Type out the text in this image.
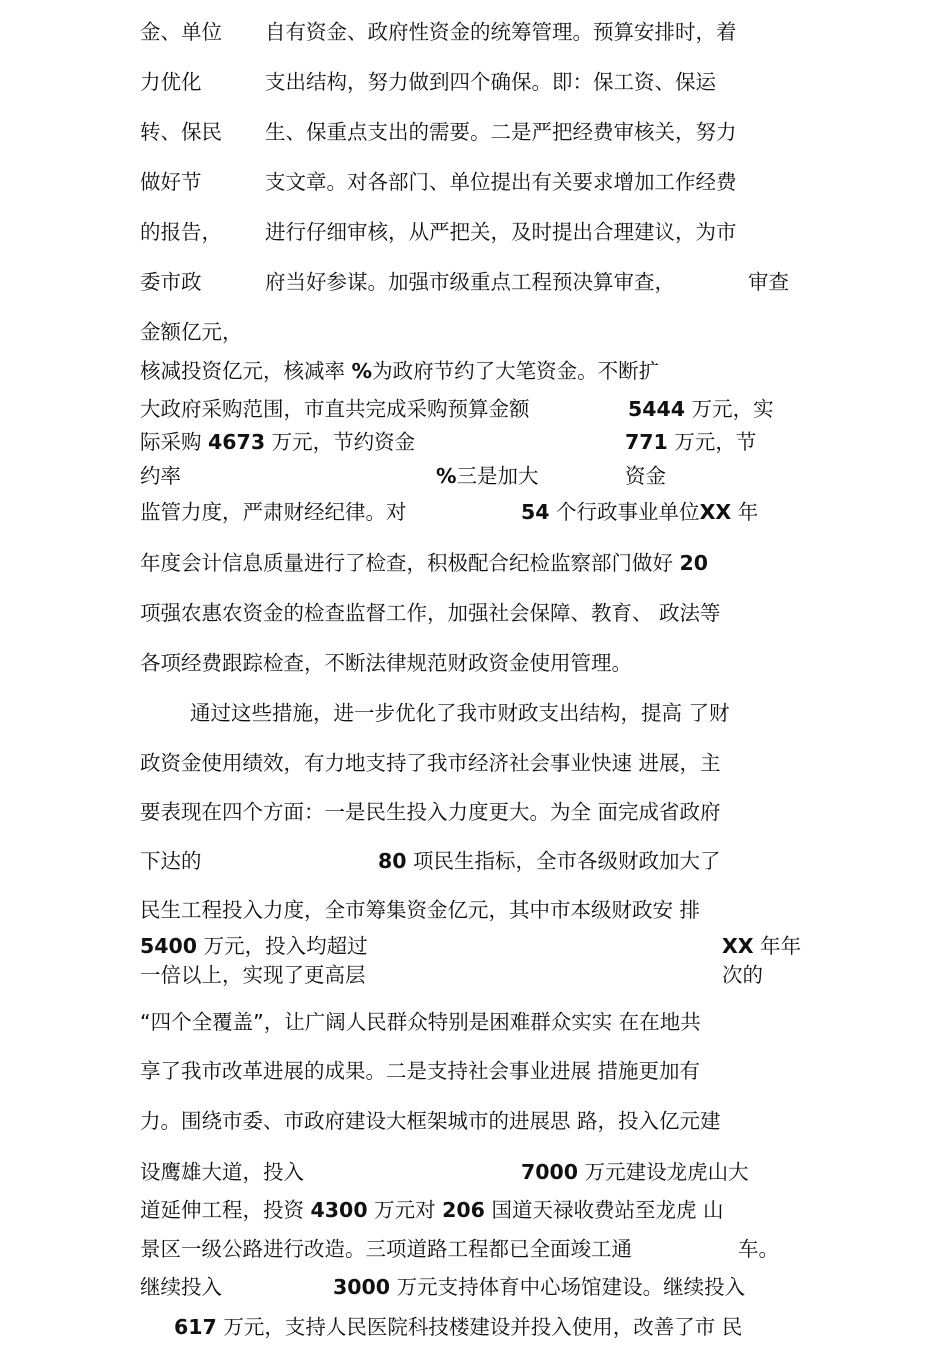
金、单位 自有资金、政府性资金的统筹管理。预算安排时，着
力优化	支出结构，努力做到四个确保。即：保工资、保运
转、保民 生、保重点支出的需要。二是严把经费审核关，努力
做好节	支文章。对各部门、单位提出有关要求增加工作经费
的报告， 进行仔细审核，从严把关，及时提出合理建议，为市
委市政	府当好参谋。加强市级重点工程预决算审查，	审查
金额亿元，
核减投资亿元，核减率 %为政府节约了大笔资金。不断扩
大政府采购范围，市直共完成采购预算金额	5444 万元，实
际采购 4673 万元，节约资金	771 万元，节
约率	%三是加大	资金
监管力度，严肃财经纪律。对	54 个行政事业单位XX 年
年度会计信息质量进行了检查，积极配合纪检监察部门做好 20
项强农惠农资金的检查监督工作，加强社会保障、教育、 政法等
各项经费跟踪检查，不断法律规范财政资金使用管理。
通过这些措施，进一步优化了我市财政支出结构，提高 了财
政资金使用绩效，有力地支持了我市经济社会事业快速 进展，主
要表现在四个方面：一是民生投入力度更大。为全 面完成省政府
下达的	80 项民生指标，全市各级财政加大了
民生工程投入力度，全市筹集资金亿元，其中市本级财政安 排
5400 万元，投入均超过	XX 年年
一倍以上，实现了更高层	次的
“四个全覆盖”，让广阔人民群众特别是困难群众实实 在在地共
享了我市改革进展的成果。二是支持社会事业进展 措施更加有
力。围绕市委、市政府建设大框架城市的进展思 路，投入亿元建
设鹰雄大道，投入	7000 万元建设龙虎山大
道延伸工程，投资 4300 万元对 206 国道天禄收费站至龙虎 山
景区一级公路进行改造。三项道路工程都已全面竣工通	车。
继续投入	3000 万元支持体育中心场馆建设。继续投入
617 万元，支持人民医院科技楼建设并投入使用，改善了市 民
